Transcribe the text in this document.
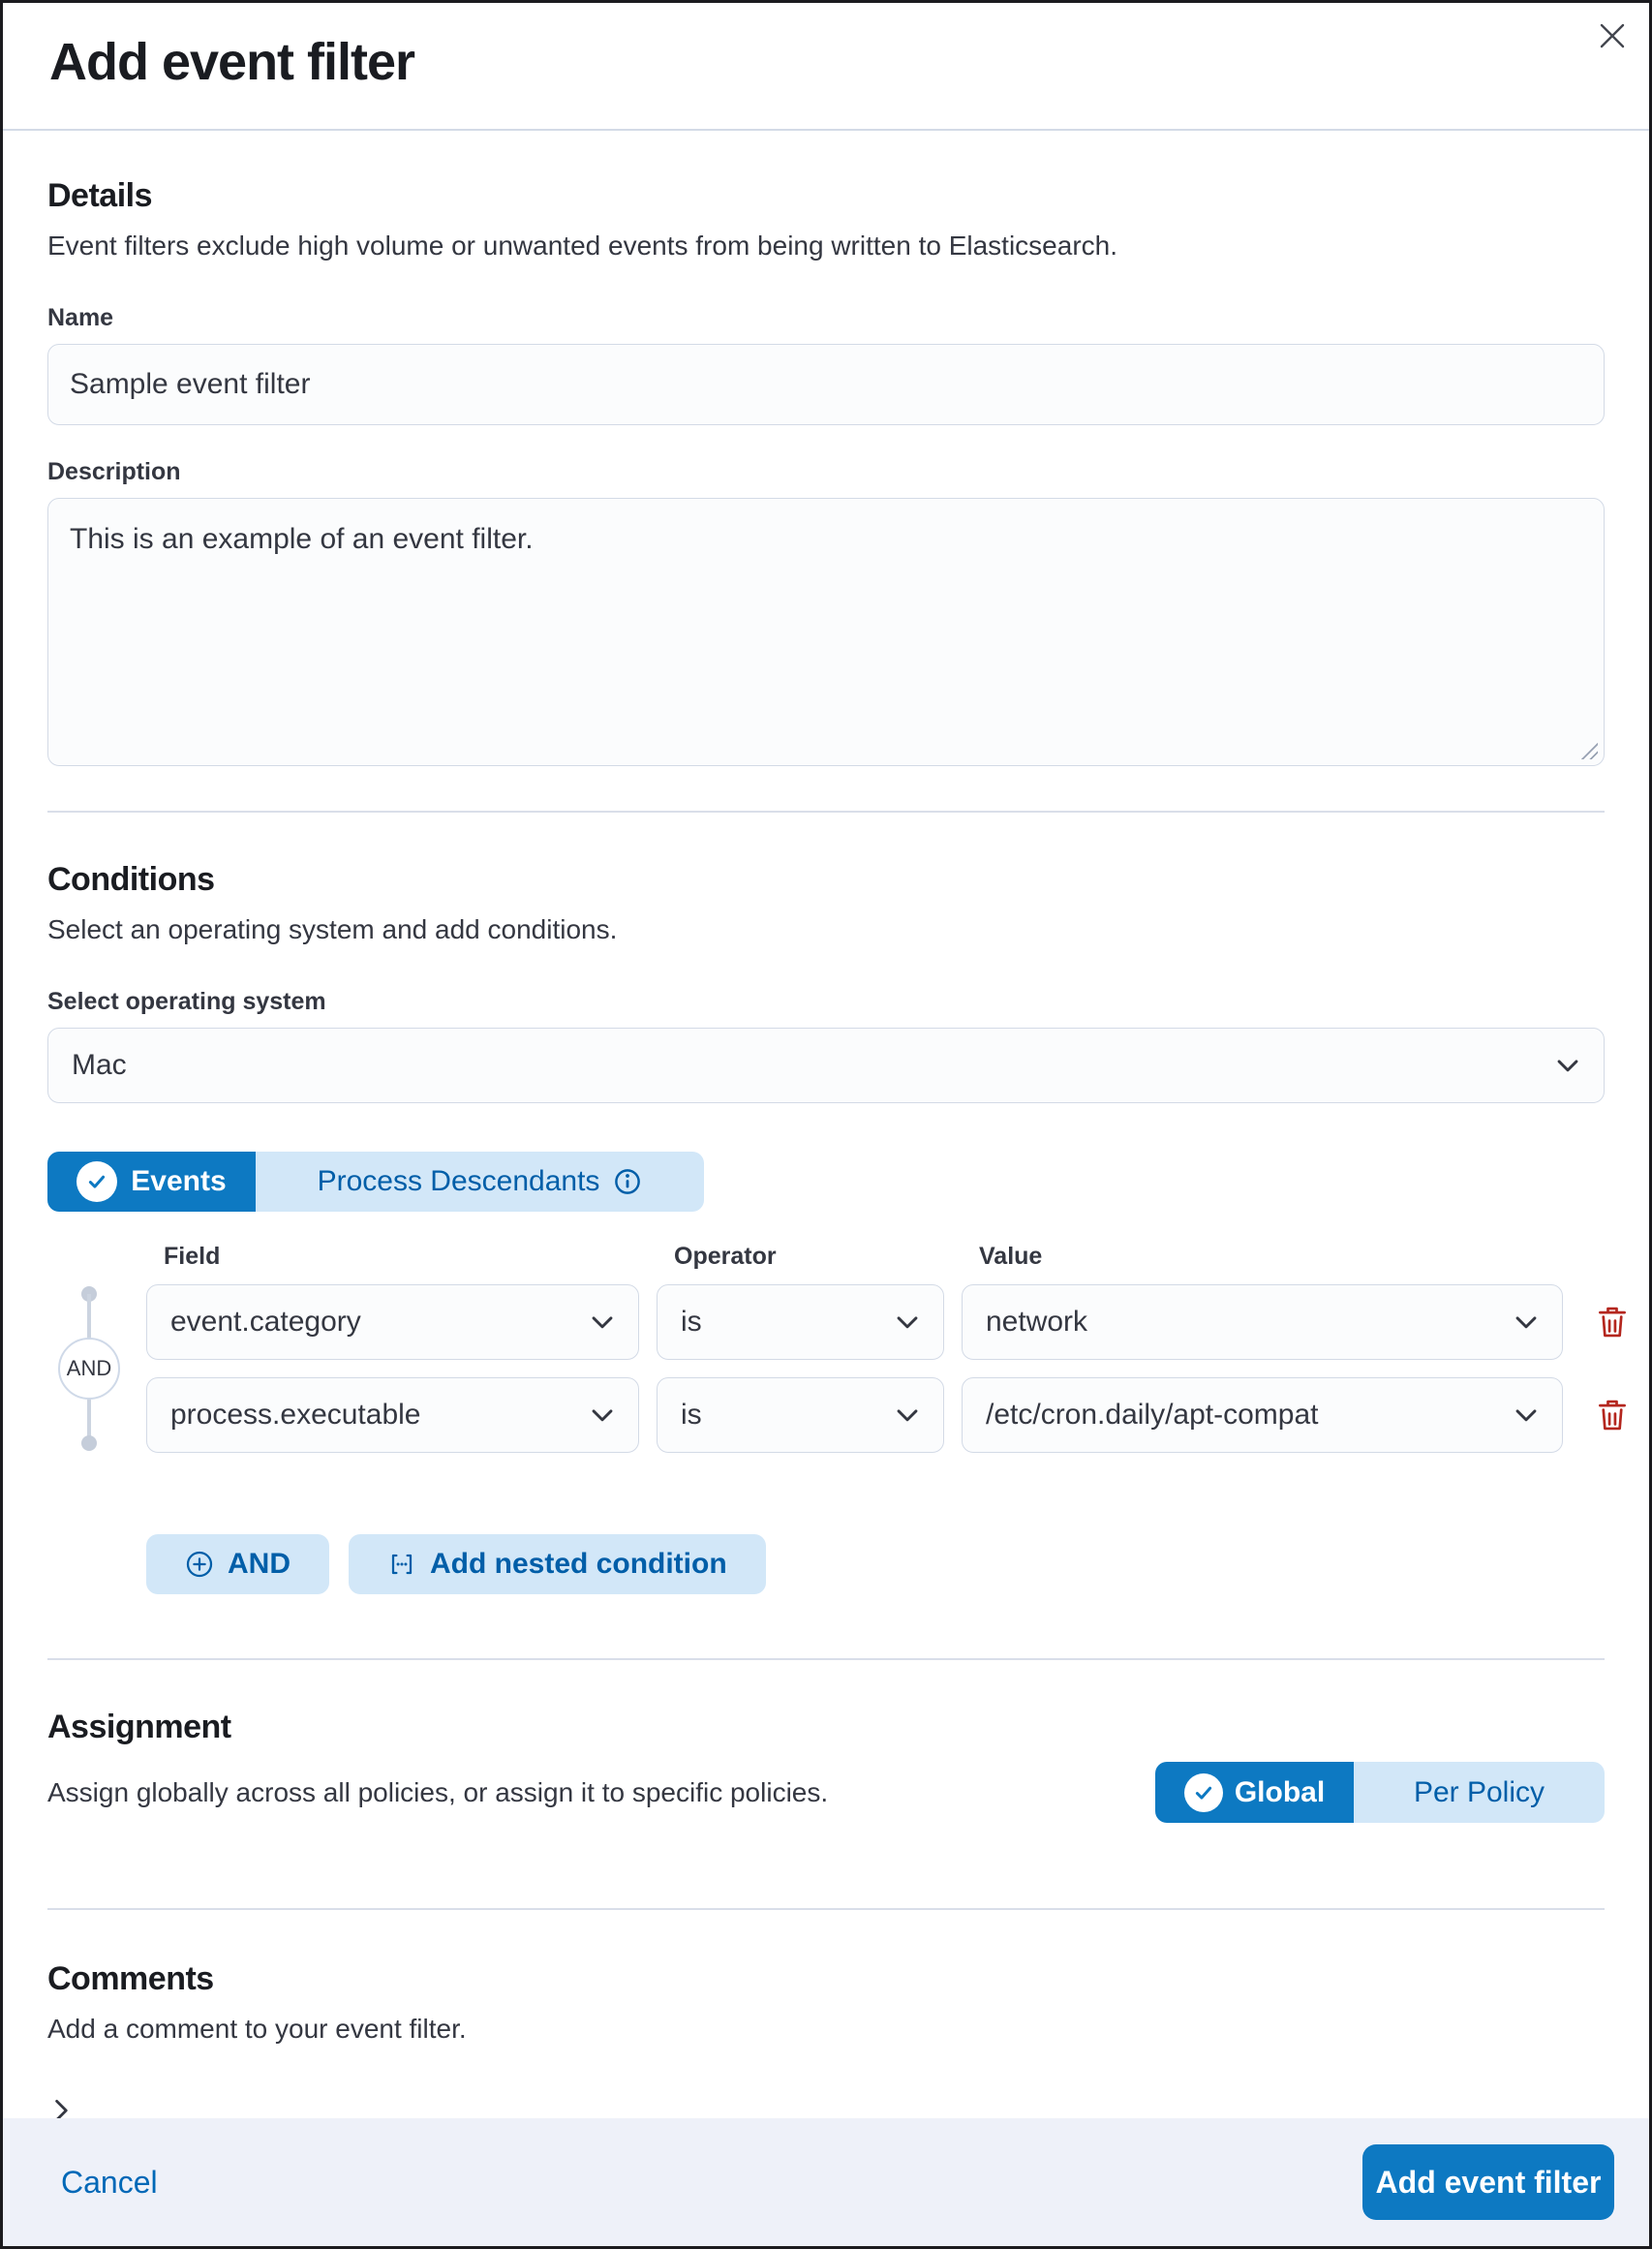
Add event filter
Details

Event filters exclude high volume or unwanted events from being written to Elasticsearch.

Name
Sample event filter
Description
This is an example of an event filter.
Conditions

Select an operating system and add conditions.

Select operating system
Mac
Events	Process Descendants
Field	Operator	Value
AND
event.category	is	network
process.executable	is	/etc/cron.daily/apt-compat
AND	Add nested condition
Assignment

Assign globally across all policies, or assign it to specific policies.	Global	Per Policy
Comments

Add a comment to your event filter.

Cancel	Add event filter
